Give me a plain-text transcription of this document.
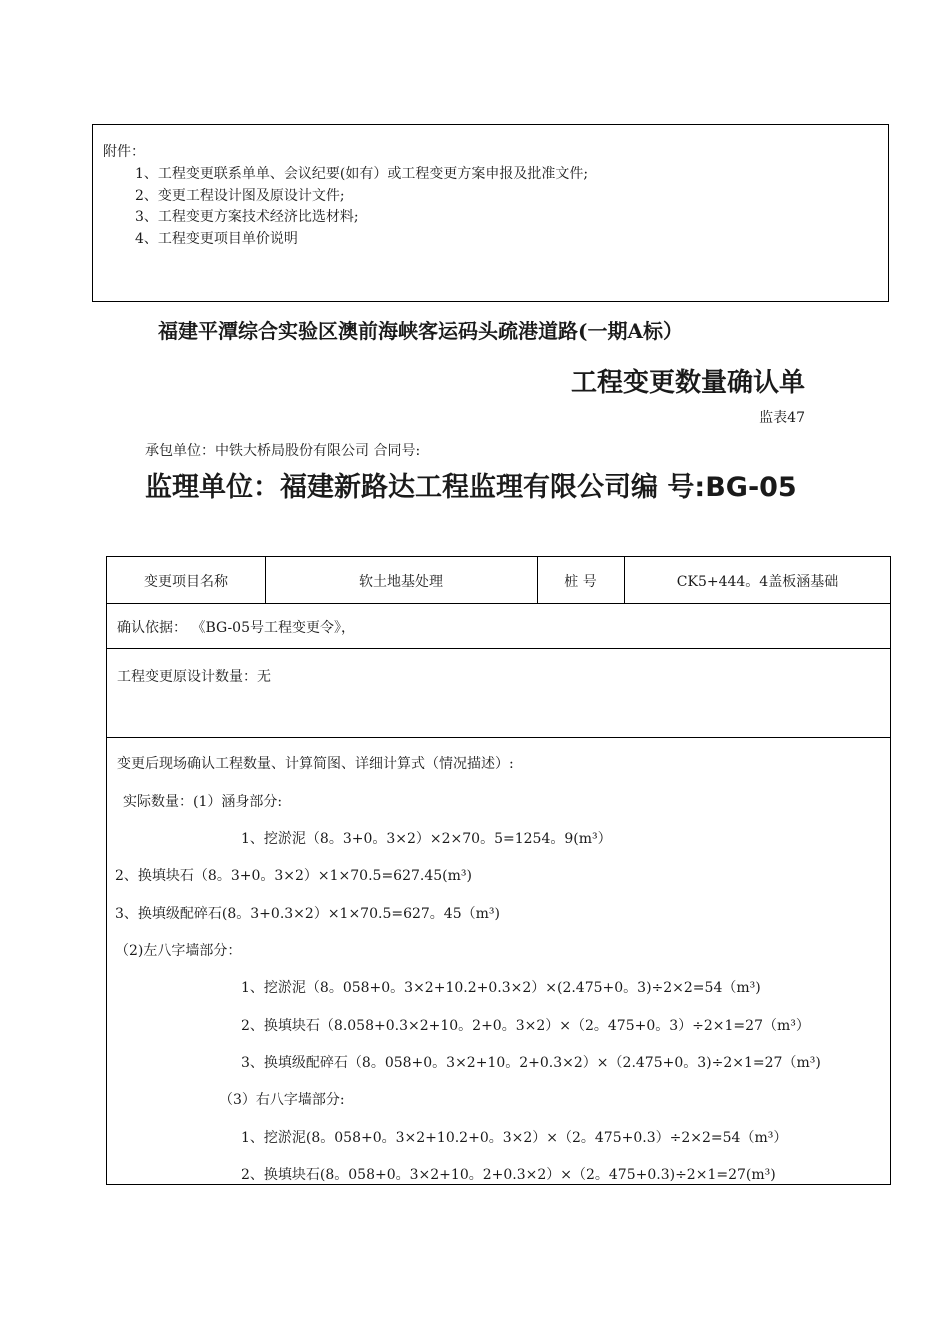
附件：
1、工程变更联系单单、会议纪要(如有）或工程变更方案申报及批准文件;
2、变更工程设计图及原设计文件;
3、工程变更方案技术经济比选材料;
4、工程变更项目单价说明
福建平潭综合实验区澳前海峡客运码头疏港道路(一期A标）
工程变更数量确认单
监表47
承包单位：中铁大桥局股份有限公司 合同号:
监理单位：福建新路达工程监理有限公司编 号:BG-05
变更项目名称	软土地基处理	桩 号	CK5+444。4盖板涵基础
确认依据： 《BG-05号工程变更令》，
工程变更原设计数量：无
变更后现场确认工程数量、计算简图、详细计算式（情况描述）:
实际数量：(1）涵身部分:
1、挖淤泥（8。3+0。3×2）×2×70。5=1254。9(m³）
2、换填块石（8。3+0。3×2）×1×70.5=627.45(m³)
3、换填级配碎石(8。3+0.3×2）×1×70.5=627。45（m³)
（2)左八字墙部分：
1、挖淤泥（8。058+0。3×2+10.2+0.3×2）×(2.475+0。3)÷2×2=54（m³)
2、换填块石（8.058+0.3×2+10。2+0。3×2）×（2。475+0。3）÷2×1=27（m³）
3、换填级配碎石（8。058+0。3×2+10。2+0.3×2）×（2.475+0。3)÷2×1=27（m³)
（3）右八字墙部分:
1、挖淤泥(8。058+0。3×2+10.2+0。3×2）×（2。475+0.3）÷2×2=54（m³）
2、换填块石(8。058+0。3×2+10。2+0.3×2）×（2。475+0.3)÷2×1=27(m³)
